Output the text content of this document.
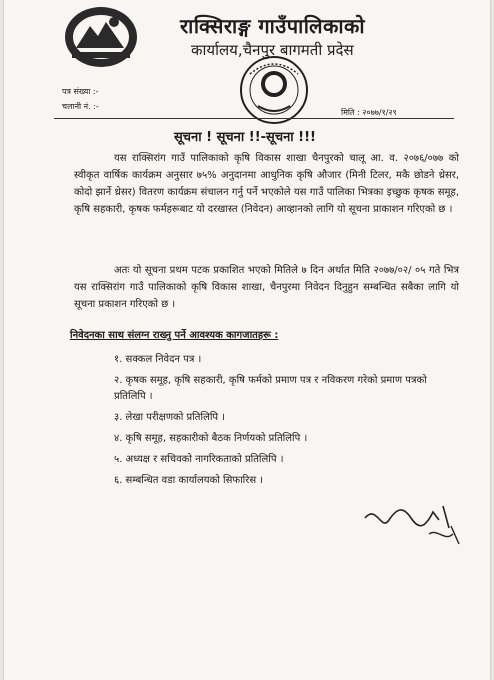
राक्सिराङ्ग गाउँपालिकाको
कार्यालय,चैनपुर बागमती प्रदेस
पत्र संख्या :-
चलानी नं. :-
मिति : २०७७/१/२९
सूचना ! सूचना !!-सूचना !!!
यस राक्सिरांग गाउँ पालिकाको कृषि विकास शाखा चैनपुरको चालू आ. व. २०७६/०७७ को स्वीकृत वार्षिक कार्यक्रम अनुसार ७५% अनुदानमा आधुनिक कृषि औजार (मिनी टिलर, मकै छोडने थ्रेसर, कोदो झार्ने थ्रेसर) वितरण कार्यक्रम संचालन गर्नु पर्ने भएकोले यस गाउँ पालिका भित्रका इच्छुक कृषक समूह, कृषि सहकारी, कृषक फर्महरूबाट यो दरखास्त (निवेदन) आव्हानको लागि यो सूचना प्राकाशन गरिएको छ ।
अतः यो सूचना प्रथम पटक प्रकाशित भएको मितिले ७ दिन अर्थात मिति २०७७/०२/ ०५ गते भित्र यस राक्सिरांग गाउँ पालिकाको कृषि विकास शाखा, चैनपुरमा निवेदन दिनुहुन सम्बन्धित सबैका लागि यो सूचना प्रकाशन गरिएको छ ।
निवेदनका साथ संलग्न राख्नु पर्ने आवश्यक कागजातहरू :
१. सक्कल निवेदन पत्र ।
२. कृषक समूह, कृषि सहकारी, कृषि फर्मको प्रमाण पत्र र नविकरण गरेको प्रमाण पत्रको प्रतिलिपि ।
३. लेखा परीक्षणको प्रतिलिपि ।
४. कृषि समूह, सहकारीको बैठक निर्णयको प्रतिलिपि ।
५. अध्यक्ष र सचिवको नागरिकताको प्रतिलिपि ।
६. सम्बन्धित वडा कार्यालयको सिफारिस ।
